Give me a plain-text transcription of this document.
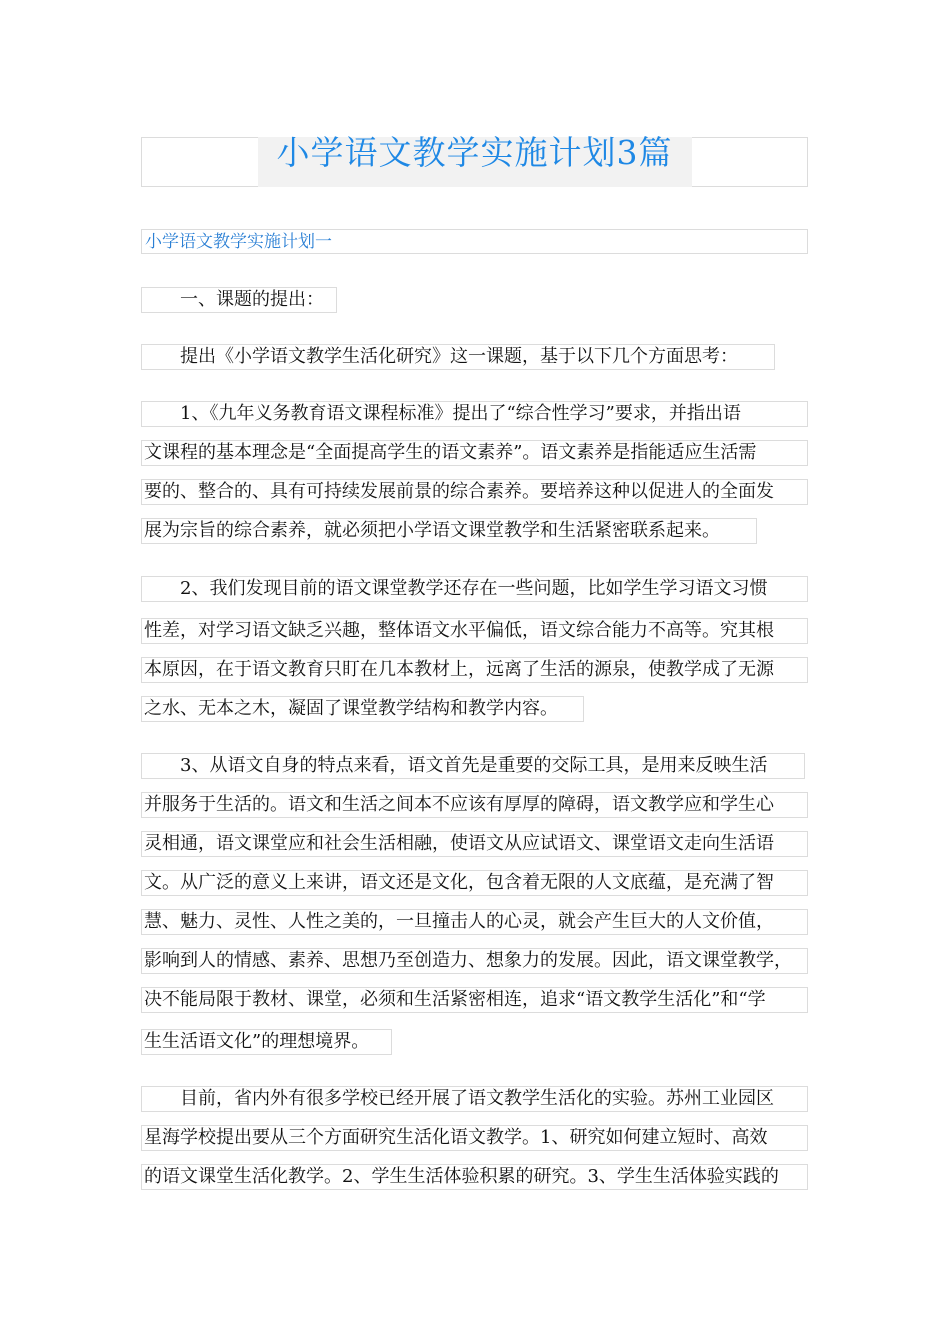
小学语文教学实施计划3篇
小学语文教学实施计划一
一、课题的提出：
提出《小学语文教学生活化研究》这一课题，基于以下几个方面思考：
1、《九年义务教育语文课程标准》提出了“综合性学习”要求，并指出语
文课程的基本理念是“全面提高学生的语文素养”。语文素养是指能适应生活需
要的、整合的、具有可持续发展前景的综合素养。要培养这种以促进人的全面发
展为宗旨的综合素养，就必须把小学语文课堂教学和生活紧密联系起来。
2、我们发现目前的语文课堂教学还存在一些问题，比如学生学习语文习惯
性差，对学习语文缺乏兴趣，整体语文水平偏低，语文综合能力不高等。究其根
本原因，在于语文教育只盯在几本教材上，远离了生活的源泉，使教学成了无源
之水、无本之木，凝固了课堂教学结构和教学内容。
3、从语文自身的特点来看，语文首先是重要的交际工具，是用来反映生活
并服务于生活的。语文和生活之间本不应该有厚厚的障碍，语文教学应和学生心
灵相通，语文课堂应和社会生活相融，使语文从应试语文、课堂语文走向生活语
文。从广泛的意义上来讲，语文还是文化，包含着无限的人文底蕴，是充满了智
慧、魅力、灵性、人性之美的，一旦撞击人的心灵，就会产生巨大的人文价值，
影响到人的情感、素养、思想乃至创造力、想象力的发展。因此，语文课堂教学，
决不能局限于教材、课堂，必须和生活紧密相连，追求“语文教学生活化”和“学
生生活语文化”的理想境界。
目前，省内外有很多学校已经开展了语文教学生活化的实验。苏州工业园区
星海学校提出要从三个方面研究生活化语文教学。1、研究如何建立短时、高效
的语文课堂生活化教学。2、学生生活体验积累的研究。3、学生生活体验实践的
